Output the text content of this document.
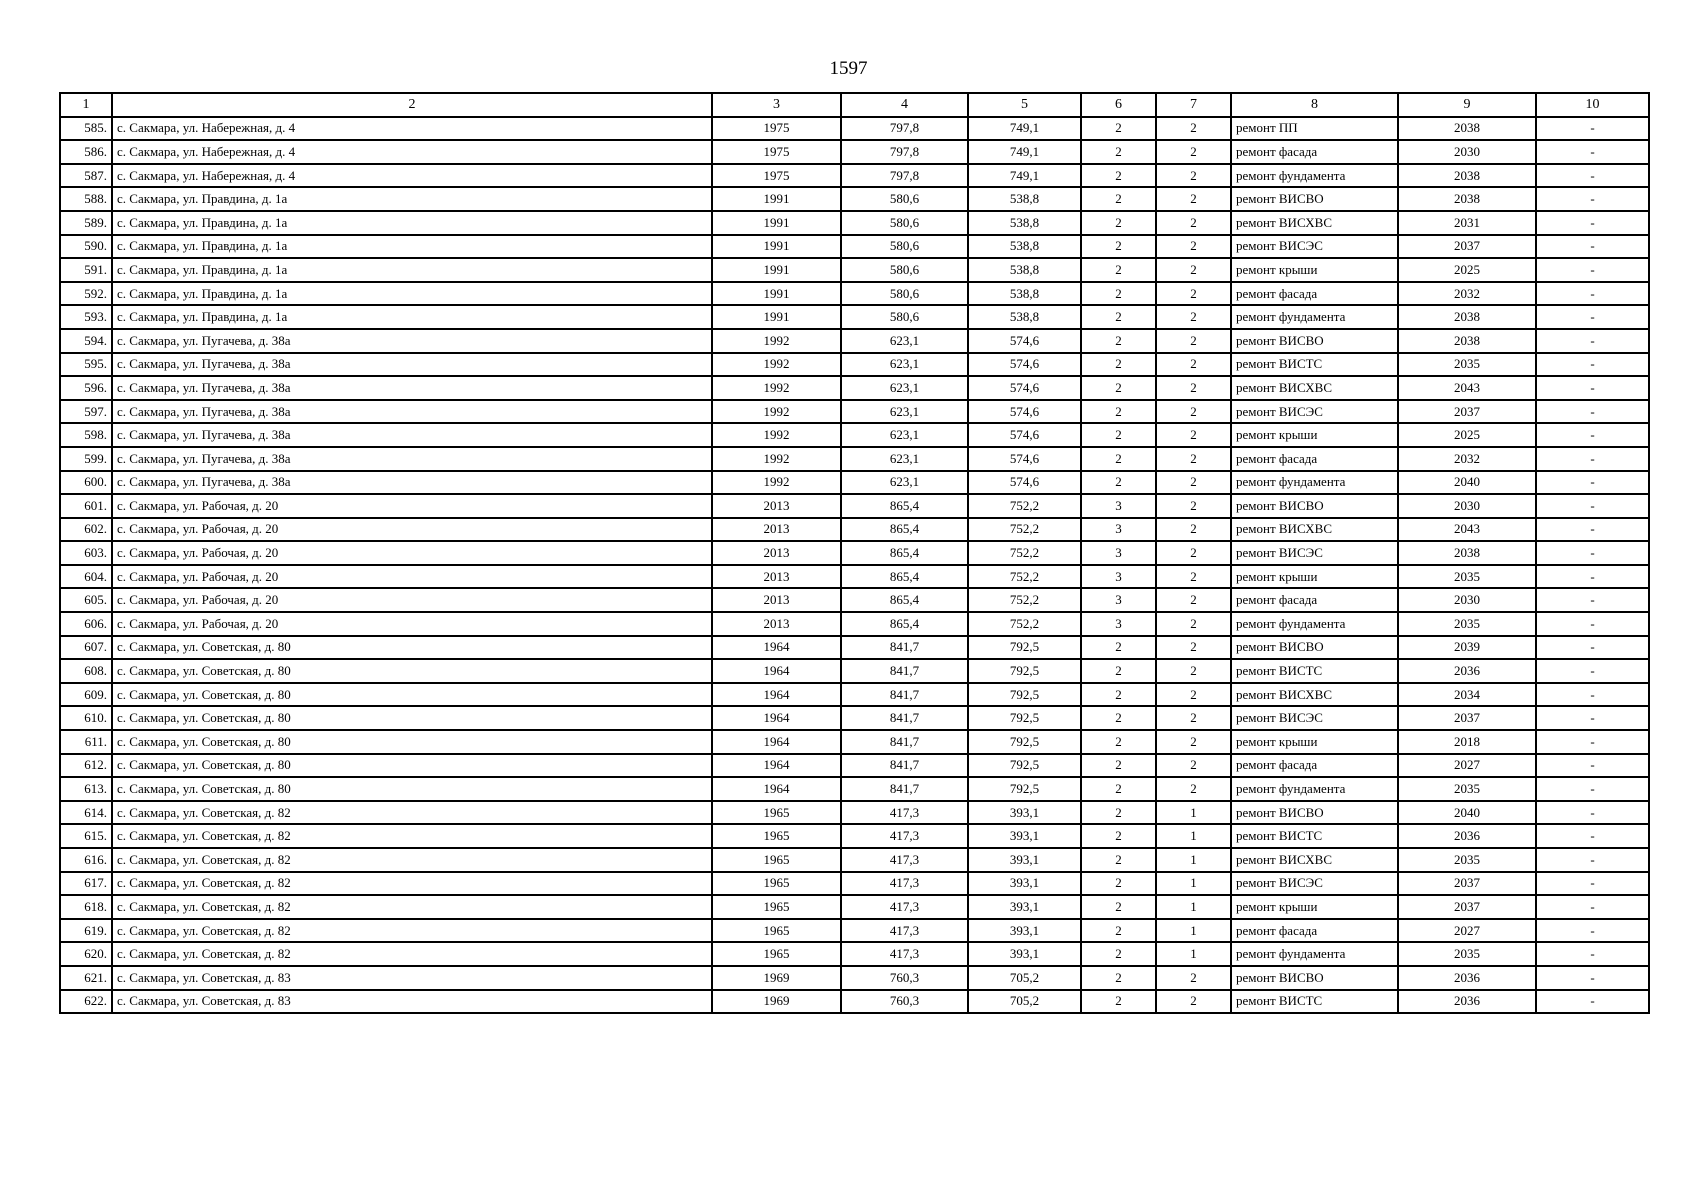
1597
1	2	3	4	5	6	7	8	9	10
585.	с. Сакмара, ул. Набережная, д. 4	1975	797,8	749,1	2	2	ремонт ПП	2038	-
586.	с. Сакмара, ул. Набережная, д. 4	1975	797,8	749,1	2	2	ремонт фасада	2030	-
587.	с. Сакмара, ул. Набережная, д. 4	1975	797,8	749,1	2	2	ремонт фундамента	2038	-
588.	с. Сакмара, ул. Правдина, д. 1а	1991	580,6	538,8	2	2	ремонт ВИСВО	2038	-
589.	с. Сакмара, ул. Правдина, д. 1а	1991	580,6	538,8	2	2	ремонт ВИСХВС	2031	-
590.	с. Сакмара, ул. Правдина, д. 1а	1991	580,6	538,8	2	2	ремонт ВИСЭС	2037	-
591.	с. Сакмара, ул. Правдина, д. 1а	1991	580,6	538,8	2	2	ремонт крыши	2025	-
592.	с. Сакмара, ул. Правдина, д. 1а	1991	580,6	538,8	2	2	ремонт фасада	2032	-
593.	с. Сакмара, ул. Правдина, д. 1а	1991	580,6	538,8	2	2	ремонт фундамента	2038	-
594.	с. Сакмара, ул. Пугачева, д. 38а	1992	623,1	574,6	2	2	ремонт ВИСВО	2038	-
595.	с. Сакмара, ул. Пугачева, д. 38а	1992	623,1	574,6	2	2	ремонт ВИСТС	2035	-
596.	с. Сакмара, ул. Пугачева, д. 38а	1992	623,1	574,6	2	2	ремонт ВИСХВС	2043	-
597.	с. Сакмара, ул. Пугачева, д. 38а	1992	623,1	574,6	2	2	ремонт ВИСЭС	2037	-
598.	с. Сакмара, ул. Пугачева, д. 38а	1992	623,1	574,6	2	2	ремонт крыши	2025	-
599.	с. Сакмара, ул. Пугачева, д. 38а	1992	623,1	574,6	2	2	ремонт фасада	2032	-
600.	с. Сакмара, ул. Пугачева, д. 38а	1992	623,1	574,6	2	2	ремонт фундамента	2040	-
601.	с. Сакмара, ул. Рабочая, д. 20	2013	865,4	752,2	3	2	ремонт ВИСВО	2030	-
602.	с. Сакмара, ул. Рабочая, д. 20	2013	865,4	752,2	3	2	ремонт ВИСХВС	2043	-
603.	с. Сакмара, ул. Рабочая, д. 20	2013	865,4	752,2	3	2	ремонт ВИСЭС	2038	-
604.	с. Сакмара, ул. Рабочая, д. 20	2013	865,4	752,2	3	2	ремонт крыши	2035	-
605.	с. Сакмара, ул. Рабочая, д. 20	2013	865,4	752,2	3	2	ремонт фасада	2030	-
606.	с. Сакмара, ул. Рабочая, д. 20	2013	865,4	752,2	3	2	ремонт фундамента	2035	-
607.	с. Сакмара, ул. Советская, д. 80	1964	841,7	792,5	2	2	ремонт ВИСВО	2039	-
608.	с. Сакмара, ул. Советская, д. 80	1964	841,7	792,5	2	2	ремонт ВИСТС	2036	-
609.	с. Сакмара, ул. Советская, д. 80	1964	841,7	792,5	2	2	ремонт ВИСХВС	2034	-
610.	с. Сакмара, ул. Советская, д. 80	1964	841,7	792,5	2	2	ремонт ВИСЭС	2037	-
611.	с. Сакмара, ул. Советская, д. 80	1964	841,7	792,5	2	2	ремонт крыши	2018	-
612.	с. Сакмара, ул. Советская, д. 80	1964	841,7	792,5	2	2	ремонт фасада	2027	-
613.	с. Сакмара, ул. Советская, д. 80	1964	841,7	792,5	2	2	ремонт фундамента	2035	-
614.	с. Сакмара, ул. Советская, д. 82	1965	417,3	393,1	2	1	ремонт ВИСВО	2040	-
615.	с. Сакмара, ул. Советская, д. 82	1965	417,3	393,1	2	1	ремонт ВИСТС	2036	-
616.	с. Сакмара, ул. Советская, д. 82	1965	417,3	393,1	2	1	ремонт ВИСХВС	2035	-
617.	с. Сакмара, ул. Советская, д. 82	1965	417,3	393,1	2	1	ремонт ВИСЭС	2037	-
618.	с. Сакмара, ул. Советская, д. 82	1965	417,3	393,1	2	1	ремонт крыши	2037	-
619.	с. Сакмара, ул. Советская, д. 82	1965	417,3	393,1	2	1	ремонт фасада	2027	-
620.	с. Сакмара, ул. Советская, д. 82	1965	417,3	393,1	2	1	ремонт фундамента	2035	-
621.	с. Сакмара, ул. Советская, д. 83	1969	760,3	705,2	2	2	ремонт ВИСВО	2036	-
622.	с. Сакмара, ул. Советская, д. 83	1969	760,3	705,2	2	2	ремонт ВИСТС	2036	-
